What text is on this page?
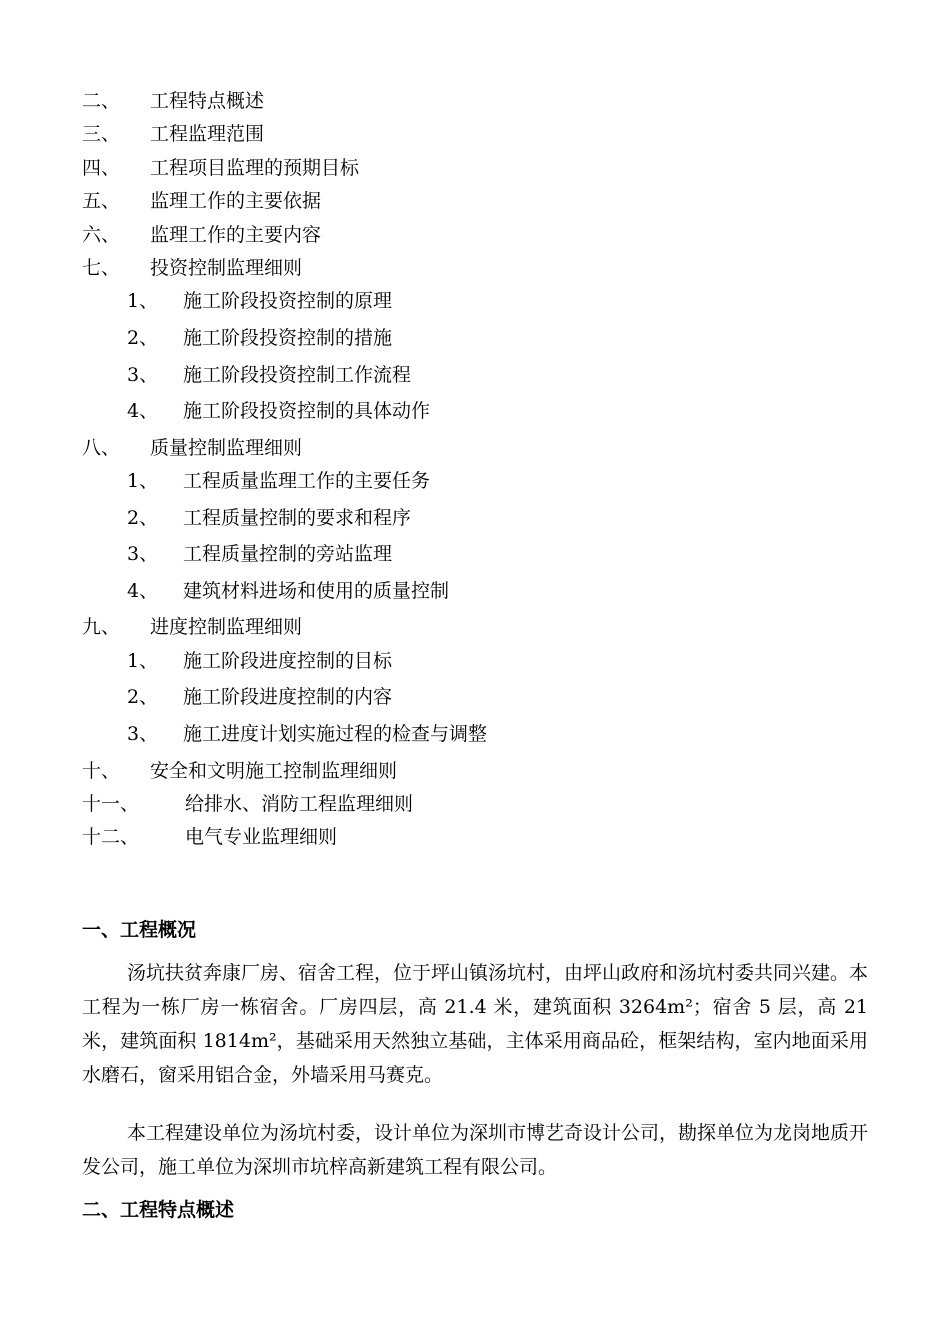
二、	工程特点概述
三、	工程监理范围
四、	工程项目监理的预期目标
五、	监理工作的主要依据
六、	监理工作的主要内容
七、	投资控制监理细则
1、	施工阶段投资控制的原理
2、	施工阶段投资控制的措施
3、	施工阶段投资控制工作流程
4、	施工阶段投资控制的具体动作
八、	质量控制监理细则
1、	工程质量监理工作的主要任务
2、	工程质量控制的要求和程序
3、	工程质量控制的旁站监理
4、	建筑材料进场和使用的质量控制
九、	进度控制监理细则
1、	施工阶段进度控制的目标
2、	施工阶段进度控制的内容
3、	施工进度计划实施过程的检查与调整
十、	安全和文明施工控制监理细则
十一、	给排水、消防工程监理细则
十二、	电气专业监理细则
一、工程概况
汤坑扶贫奔康厂房、宿舍工程，位于坪山镇汤坑村，由坪山政府和汤坑村委共同兴建。本工程为一栋厂房一栋宿舍。厂房四层，高 21.4 米，建筑面积 3264m²；宿舍 5 层，高 21 米，建筑面积 1814m²，基础采用天然独立基础，主体采用商品砼，框架结构，室内地面采用水磨石，窗采用铝合金，外墙采用马赛克。
本工程建设单位为汤坑村委，设计单位为深圳市博艺奇设计公司，勘探单位为龙岗地质开发公司，施工单位为深圳市坑梓高新建筑工程有限公司。
二、工程特点概述
